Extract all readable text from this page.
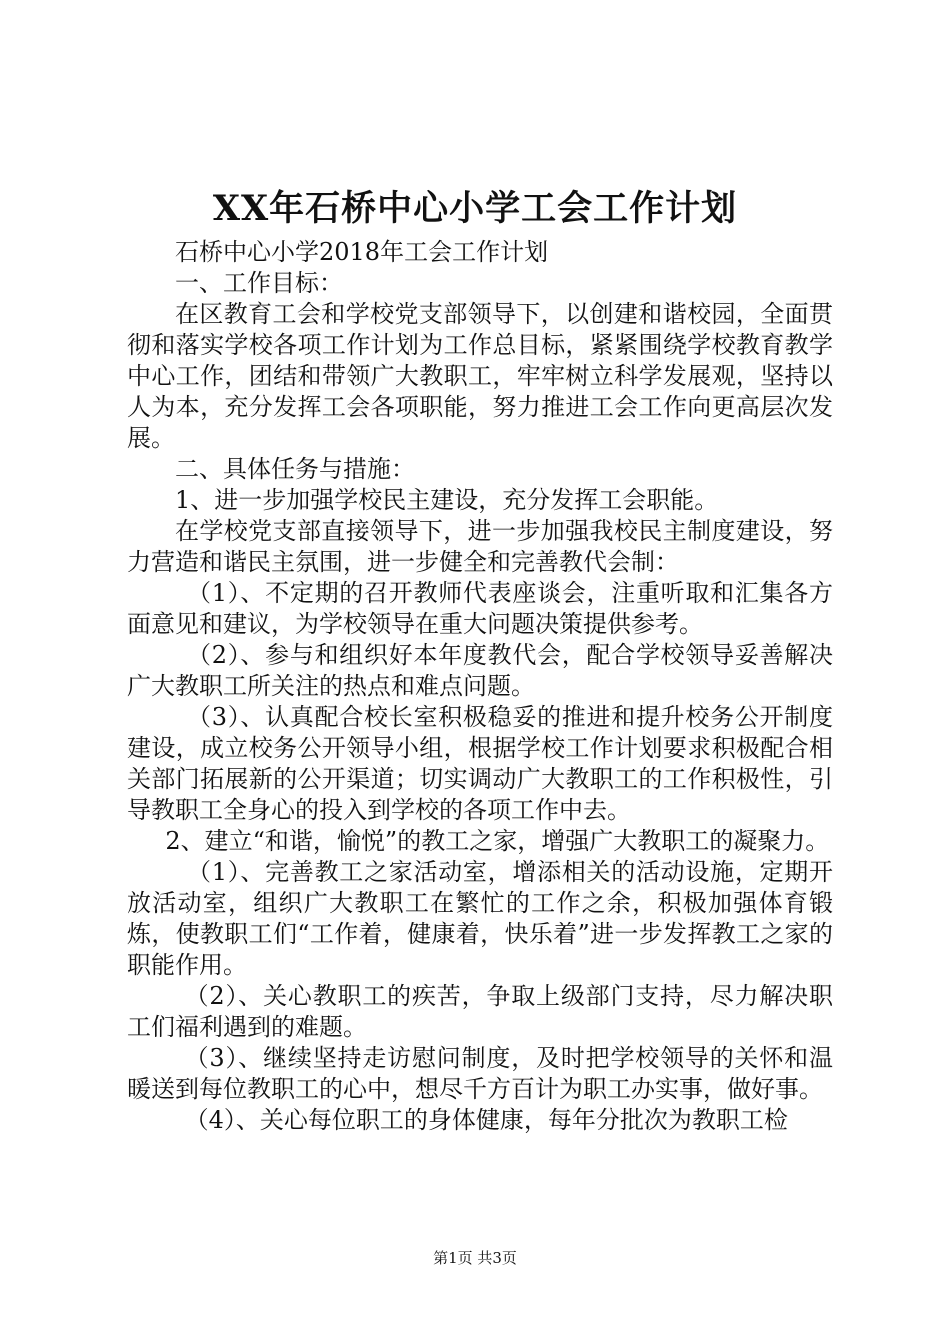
XX年石桥中心小学工会工作计划

石桥中心小学2018年工会工作计划

一、工作目标：

在区教育工会和学校党支部领导下，以创建和谐校园，全面贯彻和落实学校各项工作计划为工作总目标，紧紧围绕学校教育教学中心工作，团结和带领广大教职工，牢牢树立科学发展观，坚持以人为本，充分发挥工会各项职能，努力推进工会工作向更高层次发展。

二、具体任务与措施：

1、进一步加强学校民主建设，充分发挥工会职能。

在学校党支部直接领导下，进一步加强我校民主制度建设，努力营造和谐民主氛围，进一步健全和完善教代会制：

（1）、不定期的召开教师代表座谈会，注重听取和汇集各方面意见和建议，为学校领导在重大问题决策提供参考。

（2）、参与和组织好本年度教代会，配合学校领导妥善解决广大教职工所关注的热点和难点问题。

（3）、认真配合校长室积极稳妥的推进和提升校务公开制度建设，成立校务公开领导小组，根据学校工作计划要求积极配合相关部门拓展新的公开渠道；切实调动广大教职工的工作积极性，引导教职工全身心的投入到学校的各项工作中去。

2、建立“和谐，愉悦”的教工之家，增强广大教职工的凝聚力。

（1）、完善教工之家活动室，增添相关的活动设施，定期开放活动室，组织广大教职工在繁忙的工作之余，积极加强体育锻炼，使教职工们“工作着，健康着，快乐着”进一步发挥教工之家的职能作用。

（2）、关心教职工的疾苦，争取上级部门支持，尽力解决职工们福利遇到的难题。

（3）、继续坚持走访慰问制度，及时把学校领导的关怀和温暖送到每位教职工的心中，想尽千方百计为职工办实事，做好事。

（4）、关心每位职工的身体健康，每年分批次为教职工检

第1页 共3页
